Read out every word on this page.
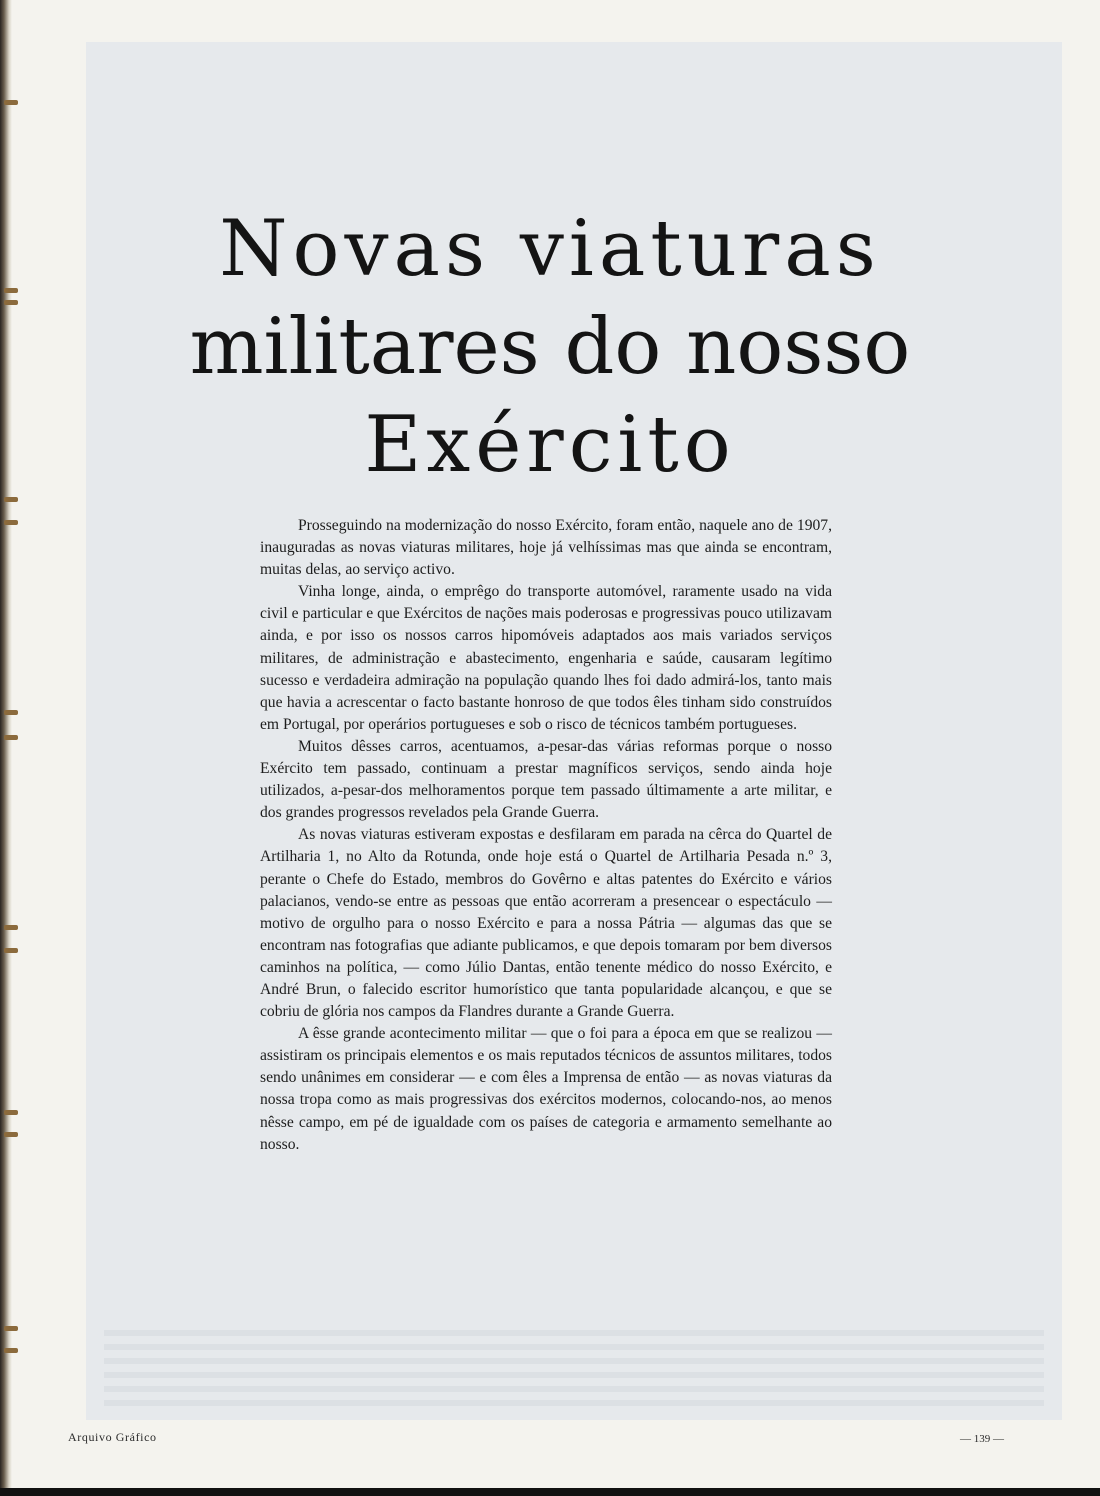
Novas viaturas
militares do nosso
Exército

Prosseguindo na modernização do nosso Exército, foram então, naquele ano de 1907, inauguradas as novas viaturas militares, hoje já velhíssimas mas que ainda se encontram, muitas delas, ao serviço activo.

Vinha longe, ainda, o emprêgo do transporte automóvel, raramente usado na vida civil e particular e que Exércitos de nações mais poderosas e progressivas pouco utilizavam ainda, e por isso os nossos carros hipomóveis adaptados aos mais variados serviços militares, de administração e abastecimento, engenharia e saúde, causaram legítimo sucesso e verdadeira admiração na população quando lhes foi dado admirá-los, tanto mais que havia a acrescentar o facto bastante honroso de que todos êles tinham sido construídos em Portugal, por operários portugueses e sob o risco de técnicos também portugueses.

Muitos dêsses carros, acentuamos, a-pesar-das várias reformas porque o nosso Exército tem passado, continuam a prestar magníficos serviços, sendo ainda hoje utilizados, a-pesar-dos melhoramentos porque tem passado últimamente a arte militar, e dos grandes progressos revelados pela Grande Guerra.

As novas viaturas estiveram expostas e desfilaram em parada na cêrca do Quartel de Artilharia 1, no Alto da Rotunda, onde hoje está o Quartel de Artilharia Pesada n.º 3, perante o Chefe do Estado, membros do Govêrno e altas patentes do Exército e vários palacianos, vendo-se entre as pessoas que então acorreram a presencear o espectáculo — motivo de orgulho para o nosso Exército e para a nossa Pátria — algumas das que se encontram nas fotografias que adiante publicamos, e que depois tomaram por bem diversos caminhos na política, — como Júlio Dantas, então tenente médico do nosso Exército, e André Brun, o falecido escritor humorístico que tanta popularidade alcançou, e que se cobriu de glória nos campos da Flandres durante a Grande Guerra.

A êsse grande acontecimento militar — que o foi para a época em que se realizou — assistiram os principais elementos e os mais reputados técnicos de assuntos militares, todos sendo unânimes em considerar — e com êles a Imprensa de então — as novas viaturas da nossa tropa como as mais progressivas dos exércitos modernos, colocando-nos, ao menos nêsse campo, em pé de igualdade com os países de categoria e armamento semelhante ao nosso.

Arquivo Gráfico	— 139 —
